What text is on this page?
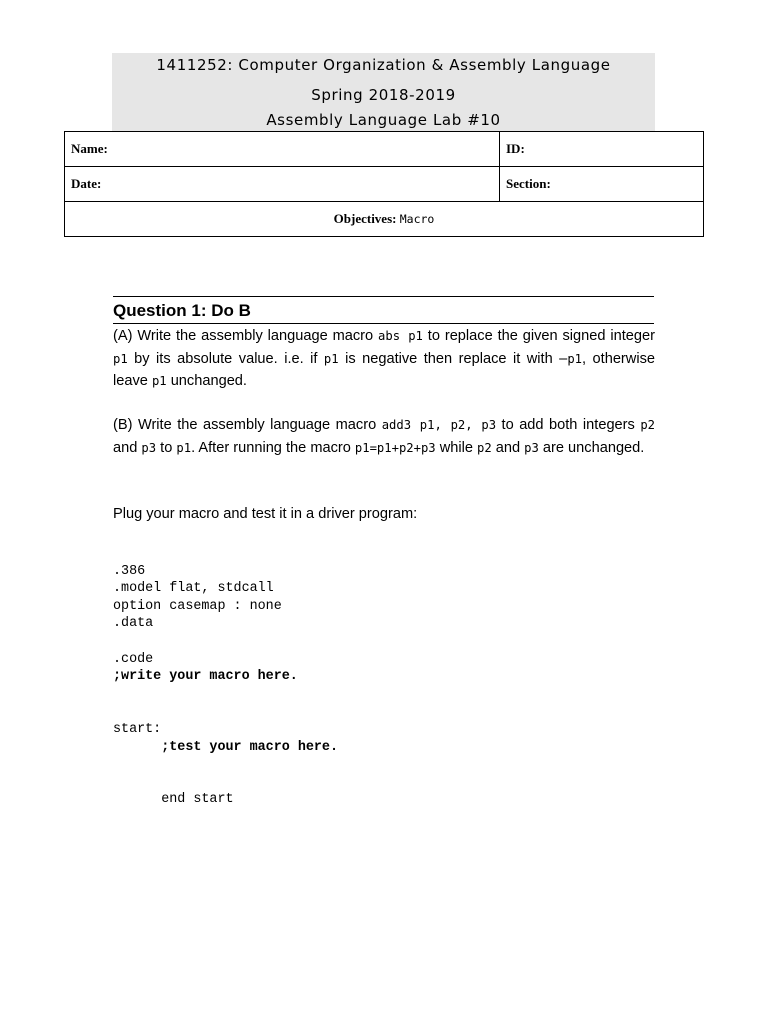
1411252: Computer Organization & Assembly Language
Spring 2018-2019
Assembly Language Lab #10
Name:	ID:
Date:	Section:
Objectives: Macro	
Question 1: Do B
(A) Write the assembly language macro abs p1 to replace the given signed integer p1 by its absolute value. i.e. if p1 is negative then replace it with –p1, otherwise leave p1 unchanged.
(B) Write the assembly language macro add3 p1, p2, p3 to add both integers p2 and p3 to p1. After running the macro p1=p1+p2+p3 while p2 and p3 are unchanged.
Plug your macro and test it in a driver program:

.386
.model flat, stdcall
option casemap : none
.data
.code
;write your macro here.
start:
;test your macro here.
end start
